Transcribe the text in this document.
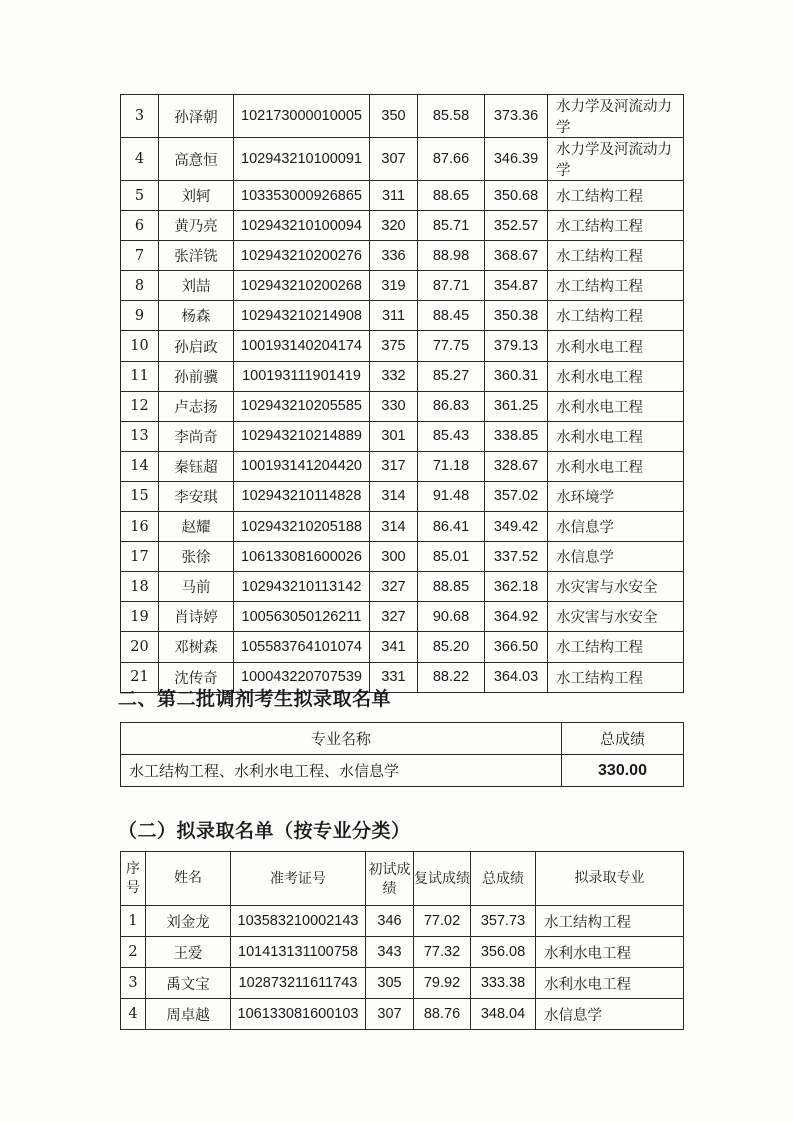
3	孙泽朝	102173000010005	350	85.58	373.36	水力学及河流动力学
4	高意恒	102943210100091	307	87.66	346.39	水力学及河流动力学
5	刘轲	103353000926865	311	88.65	350.68	水工结构工程
6	黄乃亮	102943210100094	320	85.71	352.57	水工结构工程
7	张洋铣	102943210200276	336	88.98	368.67	水工结构工程
8	刘喆	102943210200268	319	87.71	354.87	水工结构工程
9	杨森	102943210214908	311	88.45	350.38	水工结构工程
10	孙启政	100193140204174	375	77.75	379.13	水利水电工程
11	孙前骥	100193111901419	332	85.27	360.31	水利水电工程
12	卢志扬	102943210205585	330	86.83	361.25	水利水电工程
13	李尚奇	102943210214889	301	85.43	338.85	水利水电工程
14	秦钰超	100193141204420	317	71.18	328.67	水利水电工程
15	李安琪	102943210114828	314	91.48	357.02	水环境学
16	赵耀	102943210205188	314	86.41	349.42	水信息学
17	张徐	106133081600026	300	85.01	337.52	水信息学
18	马前	102943210113142	327	88.85	362.18	水灾害与水安全
19	肖诗婷	100563050126211	327	90.68	364.92	水灾害与水安全
20	邓树森	105583764101074	341	85.20	366.50	水工结构工程
21	沈传奇	100043220707539	331	88.22	364.03	水工结构工程
二、第二批调剂考生拟录取名单
专业名称	总成绩
水工结构工程、水利水电工程、水信息学	330.00
（二）拟录取名单（按专业分类）
序号	姓名	准考证号	初试成绩	复试成绩	总成绩	拟录取专业
1	刘金龙	103583210002143	346	77.02	357.73	水工结构工程
2	王爱	101413131100758	343	77.32	356.08	水利水电工程
3	禹文宝	102873211611743	305	79.92	333.38	水利水电工程
4	周卓越	106133081600103	307	88.76	348.04	水信息学
